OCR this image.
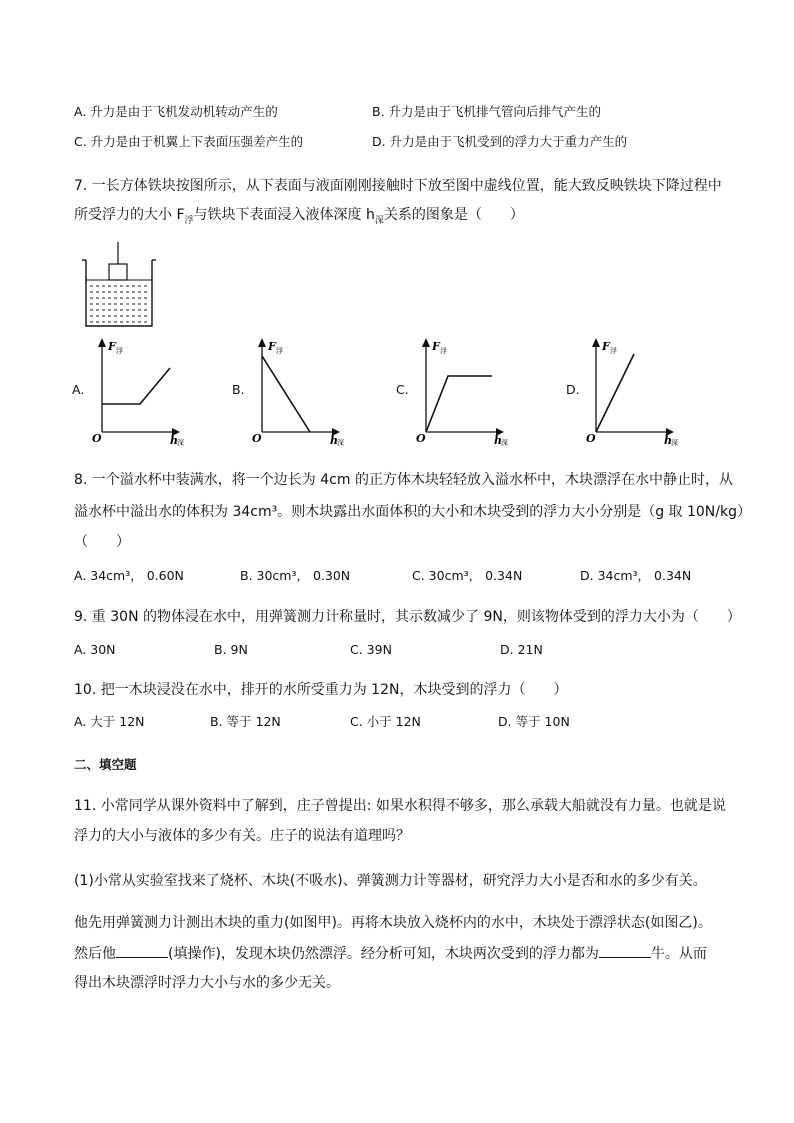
A. 升力是由于飞机发动机转动产生的	B. 升力是由于飞机排气管向后排气产生的
C. 升力是由于机翼上下表面压强差产生的	D. 升力是由于飞机受到的浮力大于重力产生的
7. 一长方体铁块按图所示，从下表面与液面刚刚接触时下放至图中虚线位置，能大致反映铁块下降过程中
所受浮力的大小 $F_浮$与铁块下表面浸入液体深度 $h_深$关系的图象是（　　）
F 浮
h 深
O
A.
F 浮
h 深
O
B.
F 浮
h 深
O
C.
F 浮
h 深
O
D.
8. 一个溢水杯中装满水，将一个边长为 4cm 的正方体木块轻轻放入溢水杯中，木块漂浮在水中静止时，从
溢水杯中溢出水的体积为 34cm³。则木块露出水面体积的大小和木块受到的浮力大小分别是（g 取 10N/kg）
（　　）
A. 34cm³， 0.60N	B. 30cm³， 0.30N	C. 30cm³， 0.34N	D. 34cm³， 0.34N
9. 重 30N 的物体浸在水中，用弹簧测力计称量时，其示数减少了 9N，则该物体受到的浮力大小为（　　）
A. 30N	B. 9N	C. 39N	D. 21N
10. 把一木块浸没在水中，排开的水所受重力为 12N，木块受到的浮力（　　）
A. 大于 12N	B. 等于 12N	C. 小于 12N	D. 等于 10N
二、填空题
11. 小常同学从课外资料中了解到，庄子曾提出: 如果水积得不够多，那么承载大船就没有力量。也就是说
浮力的大小与液体的多少有关。庄子的说法有道理吗？
(1)小常从实验室找来了烧杯、木块(不吸水)、弹簧测力计等器材，研究浮力大小是否和水的多少有关。
他先用弹簧测力计测出木块的重力(如图甲)。再将木块放入烧杯内的水中，木块处于漂浮状态(如图乙)。
然后他	(填操作)，发现木块仍然漂浮。经分析可知，木块两次受到的浮力都为	牛。从而
得出木块漂浮时浮力大小与水的多少无关。
